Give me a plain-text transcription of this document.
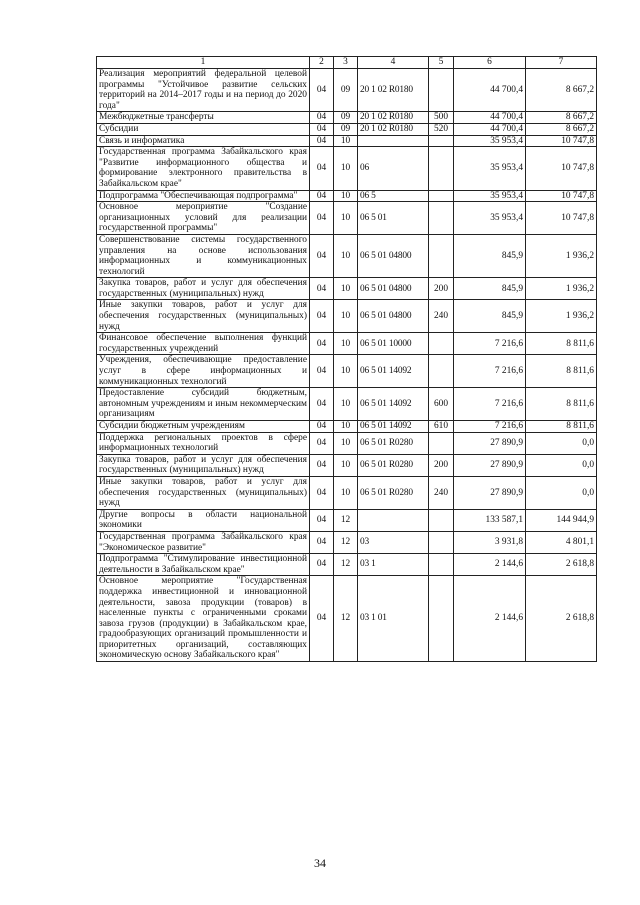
1	2	3	4	5	6	7
Реализация мероприятий федеральной целевой программы "Устойчивое развитие сельских территорий на 2014–2017 годы и на период до 2020 года"	04	09	20 1 02 R0180		44 700,4	8 667,2
Межбюджетные трансферты	04	09	20 1 02 R0180	500	44 700,4	8 667,2
Субсидии	04	09	20 1 02 R0180	520	44 700,4	8 667,2
Связь и информатика	04	10			35 953,4	10 747,8
Государственная программа Забайкальского края "Развитие информационного общества и формирование электронного правительства в Забайкальском крае"	04	10	06		35 953,4	10 747,8
Подпрограмма "Обеспечивающая подпрограмма"	04	10	06 5		35 953,4	10 747,8
Основное мероприятие "Создание организационных условий для реализации государственной программы"	04	10	06 5 01		35 953,4	10 747,8
Совершенствование системы государственного управления на основе использования информационных и коммуникационных технологий	04	10	06 5 01 04800		845,9	1 936,2
Закупка товаров, работ и услуг для обеспечения государственных (муниципальных) нужд	04	10	06 5 01 04800	200	845,9	1 936,2
Иные закупки товаров, работ и услуг для обеспечения государственных (муниципальных) нужд	04	10	06 5 01 04800	240	845,9	1 936,2
Финансовое обеспечение выполнения функций государственных учреждений	04	10	06 5 01 10000		7 216,6	8 811,6
Учреждения, обеспечивающие предоставление услуг в сфере информационных и коммуникационных технологий	04	10	06 5 01 14092		7 216,6	8 811,6
Предоставление субсидий бюджетным, автономным учреждениям и иным некоммерческим организациям	04	10	06 5 01 14092	600	7 216,6	8 811,6
Субсидии бюджетным учреждениям	04	10	06 5 01 14092	610	7 216,6	8 811,6
Поддержка региональных проектов в сфере информационных технологий	04	10	06 5 01 R0280		27 890,9	0,0
Закупка товаров, работ и услуг для обеспечения государственных (муниципальных) нужд	04	10	06 5 01 R0280	200	27 890,9	0,0
Иные закупки товаров, работ и услуг для обеспечения государственных (муниципальных) нужд	04	10	06 5 01 R0280	240	27 890,9	0,0
Другие вопросы в области национальной экономики	04	12			133 587,1	144 944,9
Государственная программа Забайкальского края "Экономическое развитие"	04	12	03		3 931,8	4 801,1
Подпрограмма "Стимулирование инвестиционной деятельности в Забайкальском крае"	04	12	03 1		2 144,6	2 618,8
Основное мероприятие "Государственная поддержка инвестиционной и инновационной деятельности, завоза продукции (товаров) в населенные пункты с ограниченными сроками завоза грузов (продукции) в Забайкальском крае, градообразующих организаций промышленности и приоритетных организаций, составляющих экономическую основу Забайкальского края"	04	12	03 1 01		2 144,6	2 618,8
34
